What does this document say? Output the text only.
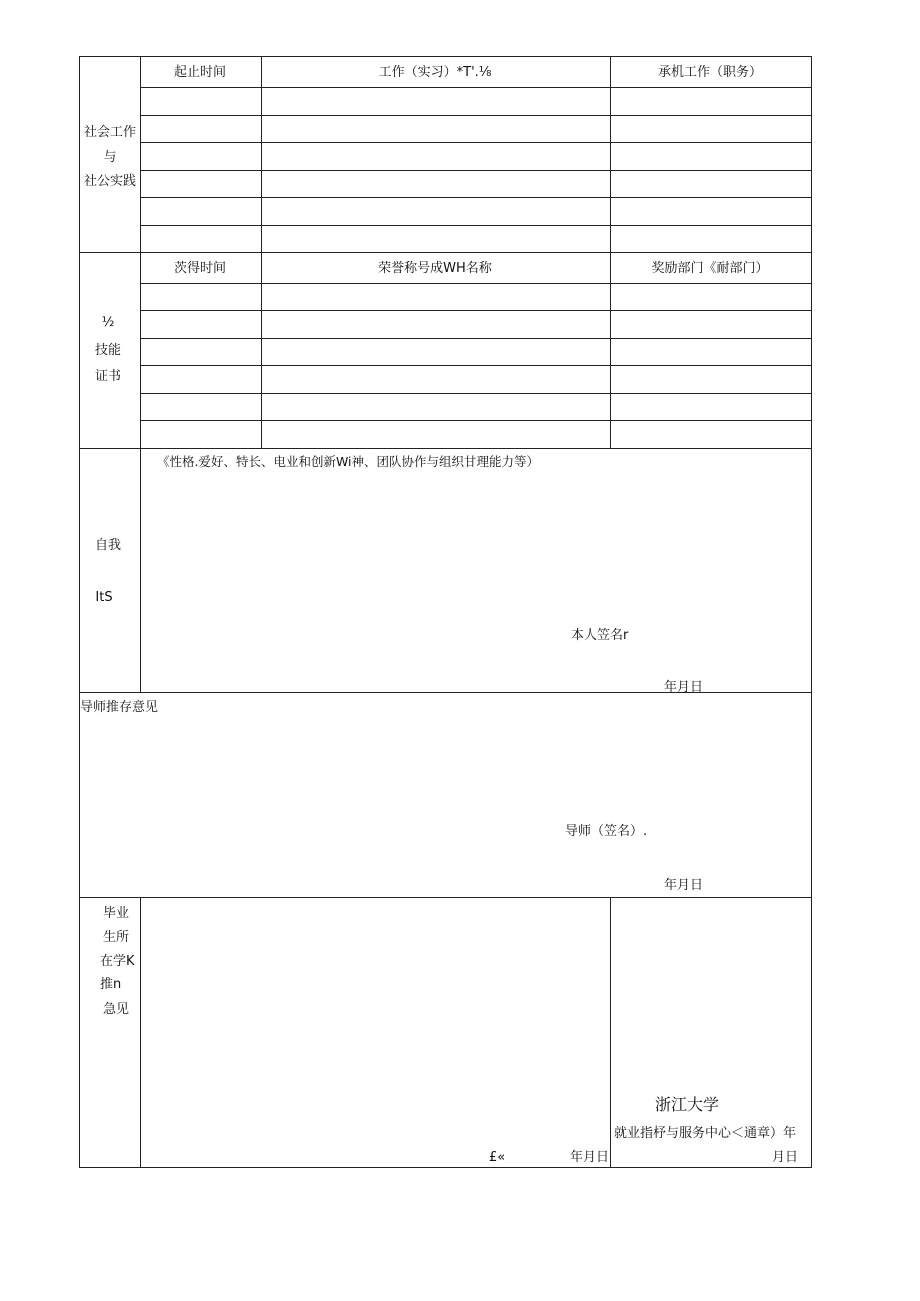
社会工作
与
社公实践
起止时间	工作（实习）*T'.⅛	承机工作（职务）
½
技能
证书
茨得时间	荣誉称号成WH名称	奖励部门《耐部门）
自我
ItS
《性格.爱好、特长、电业和创新Wi神、团队协作与组织甘理能力等）
本人笠名r
年月日
导师推存意见
导师（笠名）.
年月日
毕业
生所
在学K
推n
急见
£«	年月日
浙江大学
就业指杼与服务中心＜通章）年
月日
